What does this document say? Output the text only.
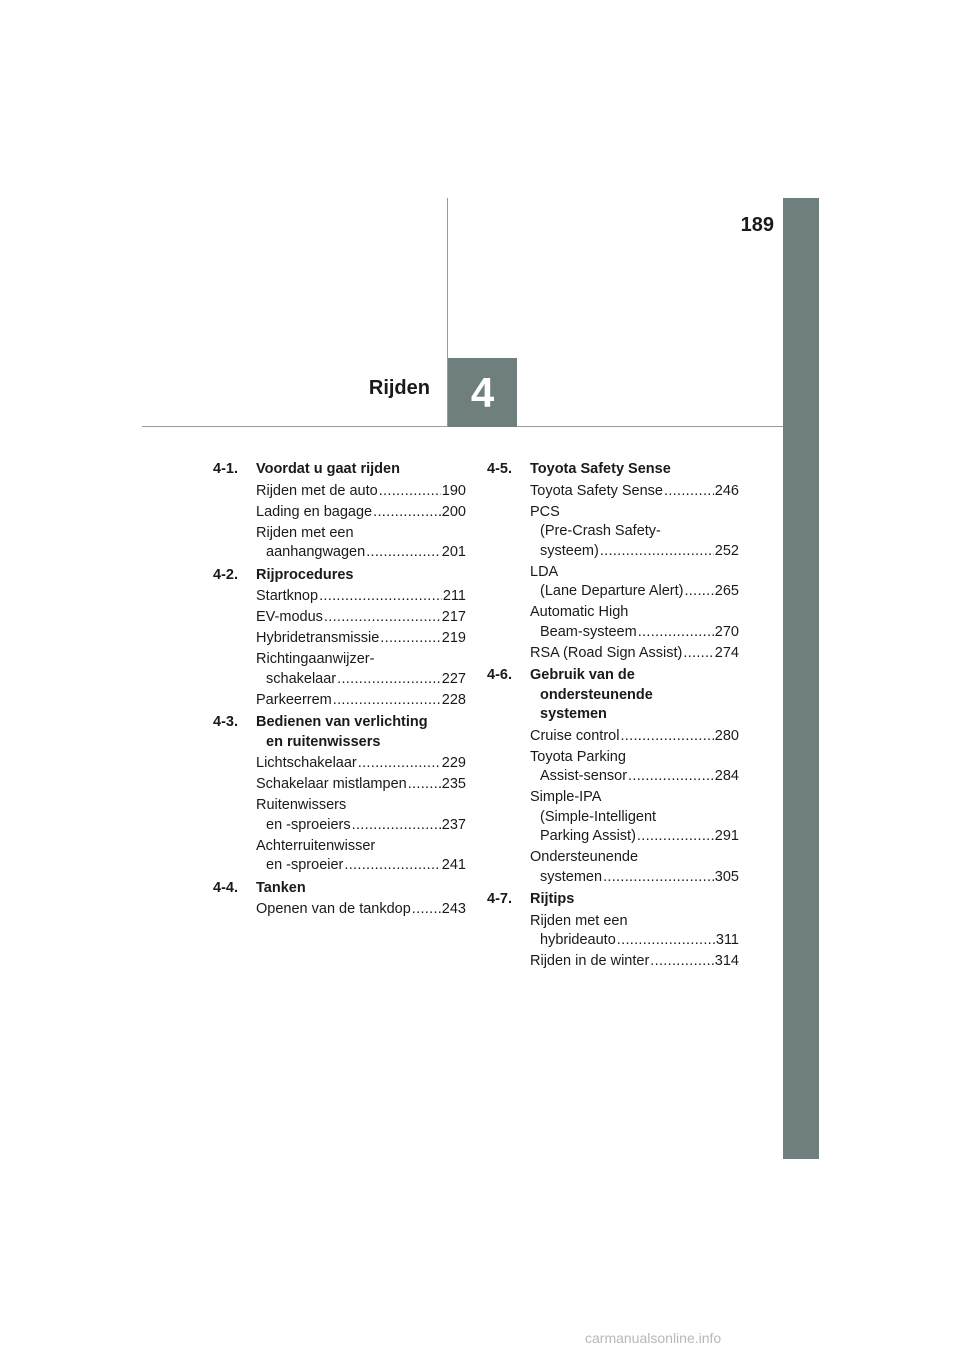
189
4
Rijden
4-1.	Voordat u gaat rijden
Rijden met de auto .....	190
Lading en bagage .....	200
Rijden met een
aanhangwagen .....	201
4-2.	Rijprocedures
Startknop .....	211
EV-modus .....	217
Hybridetransmissie .....	219
Richtingaanwijzer-
schakelaar .....	227
Parkeerrem .....	228
4-3.	Bedienen van verlichting
en ruitenwissers
Lichtschakelaar .....	229
Schakelaar mistlampen ..... 235
Ruitenwissers
en -sproeiers .....	237
Achterruitenwisser
en -sproeier .....	241
4-4.	Tanken
Openen van de tankdop ..... 243
4-5.	Toyota Safety Sense
Toyota Safety Sense .....	246
PCS
(Pre-Crash Safety-
systeem) .....	252
LDA
(Lane Departure Alert) ..... 265
Automatic High
Beam-systeem .....	270
RSA (Road Sign Assist) ..... 274
4-6.	Gebruik van de
ondersteunende
systemen
Cruise control .....	280
Toyota Parking
Assist-sensor .....	284
Simple-IPA
(Simple-Intelligent
Parking Assist) .....	291
Ondersteunende
systemen .....	305
4-7.	Rijtips
Rijden met een
hybrideauto .....	311
Rijden in de winter .....	314
carmanualsonline.info
